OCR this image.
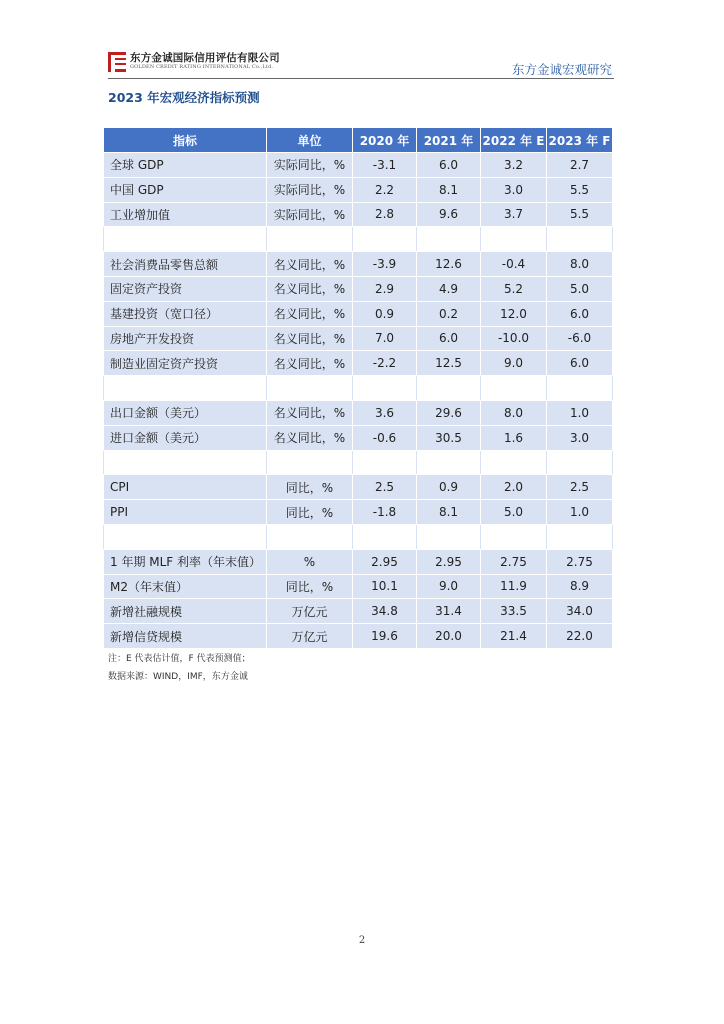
东方金诚国际信用评估有限公司
GOLDEN CREDIT RATING INTERNATIONAL Co.,Ltd.	东方金诚宏观研究
2023 年宏观经济指标预测
指标	单位	2020 年	2021 年	2022 年 E	2023 年 F
全球 GDP	实际同比，%	-3.1	6.0	3.2	2.7
中国 GDP	实际同比，%	2.2	8.1	3.0	5.5
工业增加值	实际同比，%	2.8	9.6	3.7	5.5

社会消费品零售总额	名义同比，%	-3.9	12.6	-0.4	8.0
固定资产投资	名义同比，%	2.9	4.9	5.2	5.0
基建投资（宽口径）	名义同比，%	0.9	0.2	12.0	6.0
房地产开发投资	名义同比，%	7.0	6.0	-10.0	-6.0
制造业固定资产投资	名义同比，%	-2.2	12.5	9.0	6.0

出口金额（美元）	名义同比，%	3.6	29.6	8.0	1.0
进口金额（美元）	名义同比，%	-0.6	30.5	1.6	3.0

CPI	同比，%	2.5	0.9	2.0	2.5
PPI	同比，%	-1.8	8.1	5.0	1.0

1 年期 MLF 利率（年末值）	%	2.95	2.95	2.75	2.75
M2（年末值）	同比，%	10.1	9.0	11.9	8.9
新增社融规模	万亿元	34.8	31.4	33.5	34.0
新增信贷规模	万亿元	19.6	20.0	21.4	22.0
注：E 代表估计值，F 代表预测值；
数据来源：WIND，IMF，东方金诚
2
